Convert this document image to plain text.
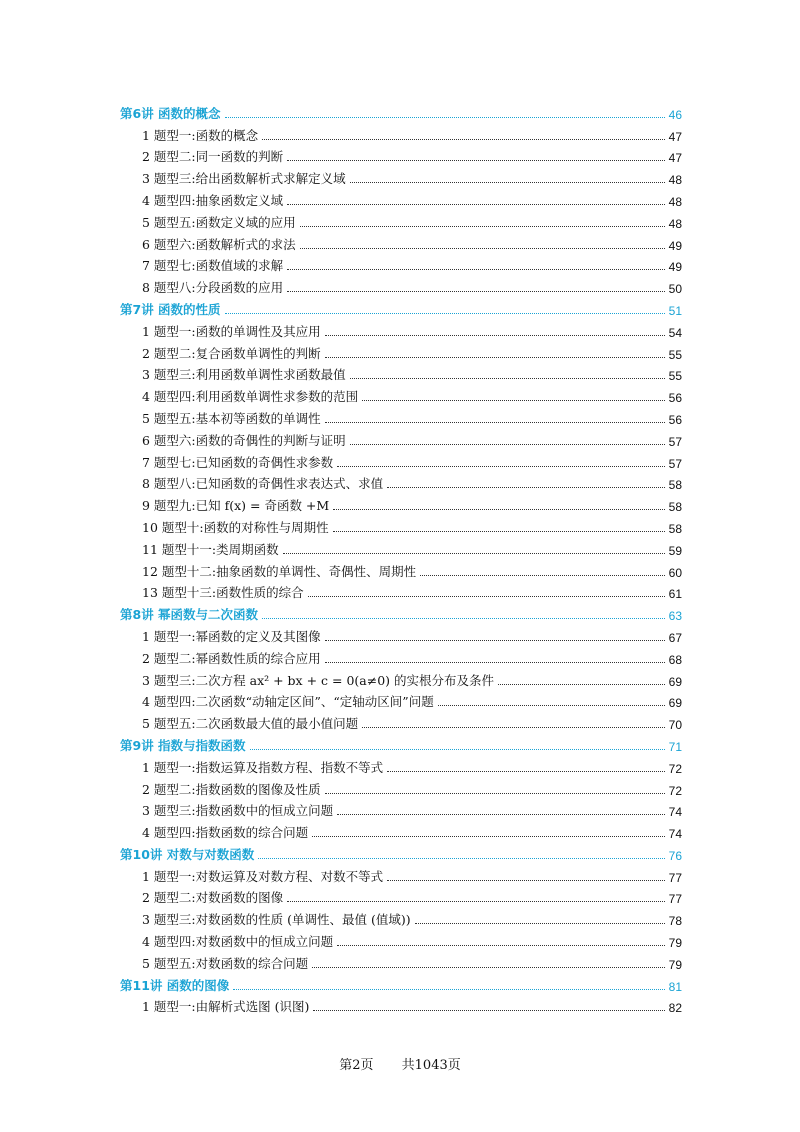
第6讲 函数的概念	46
1 题型一:函数的概念	47
2 题型二:同一函数的判断	47
3 题型三:给出函数解析式求解定义域	48
4 题型四:抽象函数定义域	48
5 题型五:函数定义域的应用	48
6 题型六:函数解析式的求法	49
7 题型七:函数值域的求解	49
8 题型八:分段函数的应用	50
第7讲 函数的性质	51
1 题型一:函数的单调性及其应用	54
2 题型二:复合函数单调性的判断	55
3 题型三:利用函数单调性求函数最值	55
4 题型四:利用函数单调性求参数的范围	56
5 题型五:基本初等函数的单调性	56
6 题型六:函数的奇偶性的判断与证明	57
7 题型七:已知函数的奇偶性求参数	57
8 题型八:已知函数的奇偶性求表达式、求值	58
9 题型九:已知 f(x) = 奇函数 +M	58
10 题型十:函数的对称性与周期性	58
11 题型十一:类周期函数	59
12 题型十二:抽象函数的单调性、奇偶性、周期性	60
13 题型十三:函数性质的综合	61
第8讲 幂函数与二次函数	63
1 题型一:幂函数的定义及其图像	67
2 题型二:幂函数性质的综合应用	68
3 题型三:二次方程 ax² + bx + c = 0(a≠0) 的实根分布及条件	69
4 题型四:二次函数“动轴定区间”、“定轴动区间”问题	69
5 题型五:二次函数最大值的最小值问题	70
第9讲 指数与指数函数	71
1 题型一:指数运算及指数方程、指数不等式	72
2 题型二:指数函数的图像及性质	72
3 题型三:指数函数中的恒成立问题	74
4 题型四:指数函数的综合问题	74
第10讲 对数与对数函数	76
1 题型一:对数运算及对数方程、对数不等式	77
2 题型二:对数函数的图像	77
3 题型三:对数函数的性质 (单调性、最值 (值域))	78
4 题型四:对数函数中的恒成立问题	79
5 题型五:对数函数的综合问题	79
第11讲 函数的图像	81
1 题型一:由解析式选图 (识图)	82
第2页 共1043页
